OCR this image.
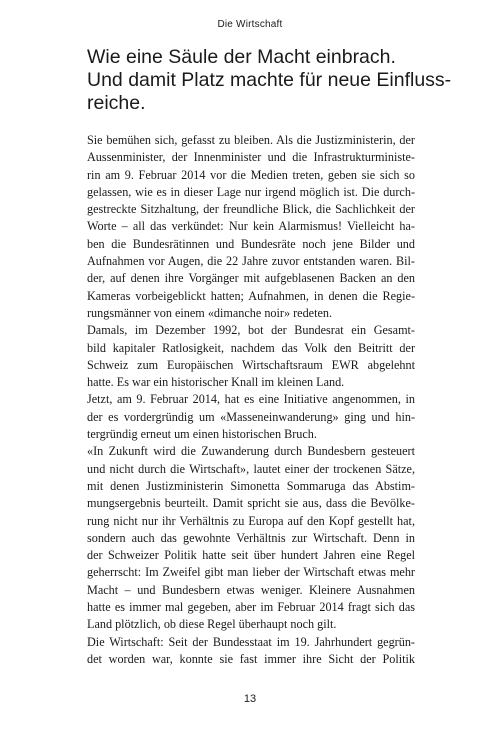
Die Wirtschaft
Wie eine Säule der Macht einbrach.
Und damit Platz machte für neue Einfluss-
reiche.
Sie bemühen sich, gefasst zu bleiben. Als die Justizministerin, der
Aussenminister, der Innenminister und die Infrastrukturministe-
rin am 9. Februar 2014 vor die Medien treten, geben sie sich so
gelassen, wie es in dieser Lage nur irgend möglich ist. Die durch-
gestreckte Sitzhaltung, der freundliche Blick, die Sachlichkeit der
Worte – all das verkündet: Nur kein Alarmismus! Vielleicht ha-
ben die Bundesrätinnen und Bundesräte noch jene Bilder und
Aufnahmen vor Augen, die 22 Jahre zuvor entstanden waren. Bil-
der, auf denen ihre Vorgänger mit aufgeblasenen Backen an den
Kameras vorbeigeblickt hatten; Aufnahmen, in denen die Regie-
rungsmänner von einem «dimanche noir» redeten.
Damals, im Dezember 1992, bot der Bundesrat ein Gesamt-
bild kapitaler Ratlosigkeit, nachdem das Volk den Beitritt der
Schweiz zum Europäischen Wirtschaftsraum EWR abgelehnt
hatte. Es war ein historischer Knall im kleinen Land.
Jetzt, am 9. Februar 2014, hat es eine Initiative angenommen, in
der es vordergründig um «Masseneinwanderung» ging und hin-
tergründig erneut um einen historischen Bruch.
«In Zukunft wird die Zuwanderung durch Bundesbern gesteuert
und nicht durch die Wirtschaft», lautet einer der trockenen Sätze,
mit denen Justizministerin Simonetta Sommaruga das Abstim-
mungsergebnis beurteilt. Damit spricht sie aus, dass die Bevölke-
rung nicht nur ihr Verhältnis zu Europa auf den Kopf gestellt hat,
sondern auch das gewohnte Verhältnis zur Wirtschaft. Denn in
der Schweizer Politik hatte seit über hundert Jahren eine Regel
geherrscht: Im Zweifel gibt man lieber der Wirtschaft etwas mehr
Macht – und Bundesbern etwas weniger. Kleinere Ausnahmen
hatte es immer mal gegeben, aber im Februar 2014 fragt sich das
Land plötzlich, ob diese Regel überhaupt noch gilt.
Die Wirtschaft: Seit der Bundesstaat im 19. Jahrhundert gegrün-
det worden war, konnte sie fast immer ihre Sicht der Politik
13
